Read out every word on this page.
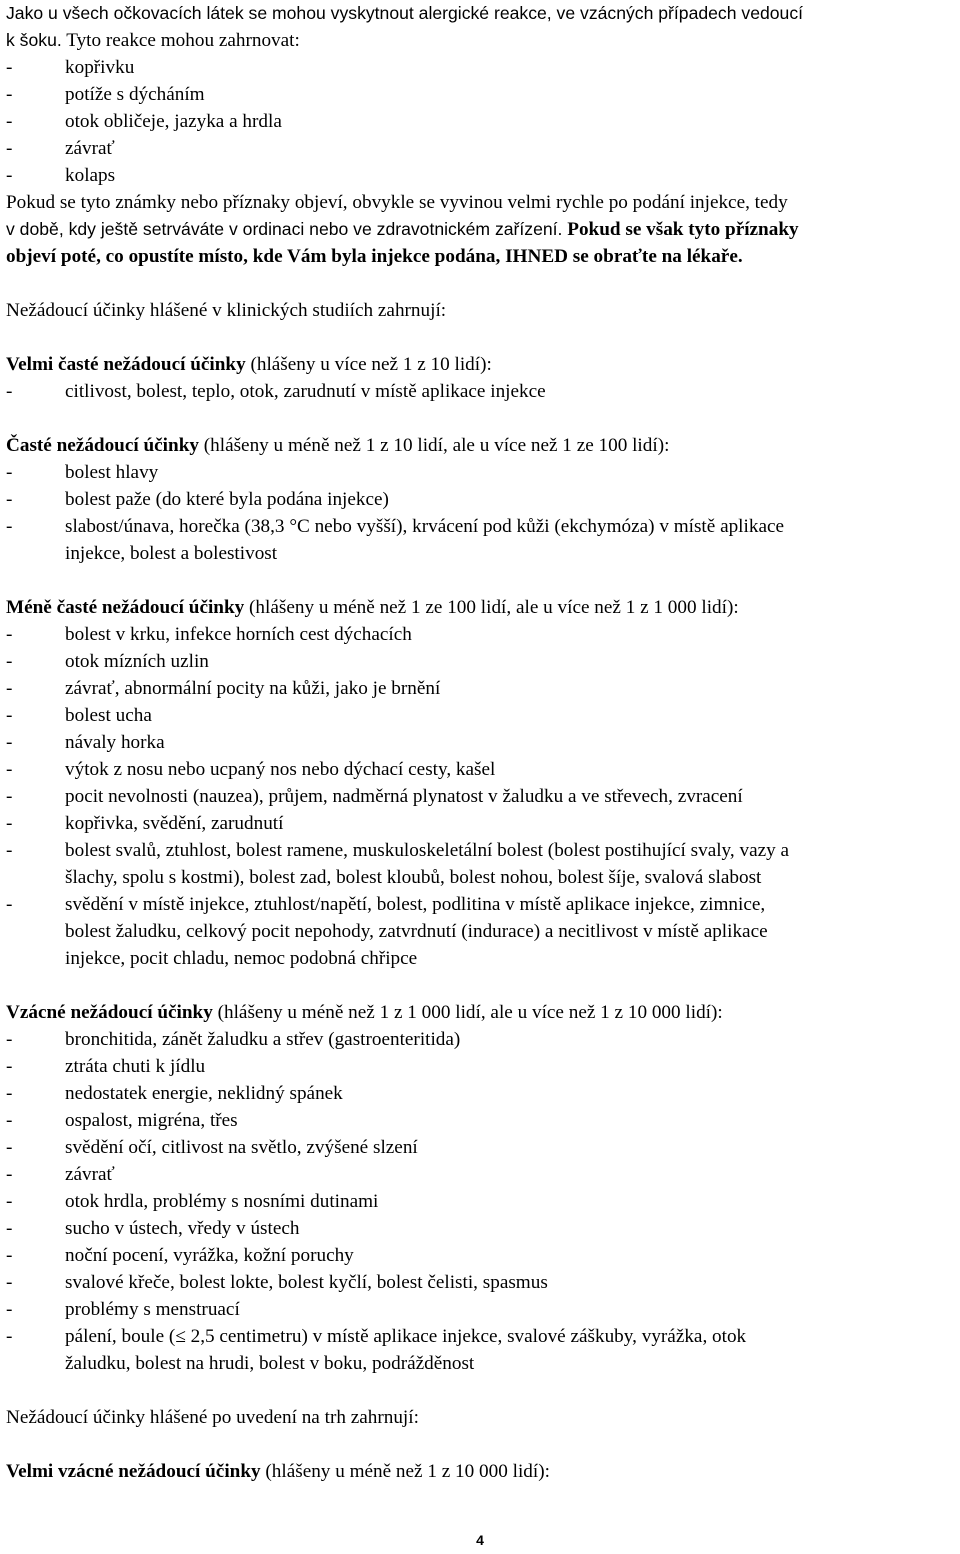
Jako u všech očkovacích látek se mohou vyskytnout alergické reakce, ve vzácných případech vedoucí
k šoku. Tyto reakce mohou zahrnovat:
-	kopřivku
-	potíže s dýcháním
-	otok obličeje, jazyka a hrdla
-	závrať
-	kolaps
Pokud se tyto známky nebo příznaky objeví, obvykle se vyvinou velmi rychle po podání injekce, tedy
v době, kdy ještě setrváváte v ordinaci nebo ve zdravotnickém zařízení. Pokud se však tyto příznaky
objeví poté, co opustíte místo, kde Vám byla injekce podána, IHNED se obraťte na lékaře.
Nežádoucí účinky hlášené v klinických studiích zahrnují:
Velmi časté nežádoucí účinky (hlášeny u více než 1 z 10 lidí):
-	citlivost, bolest, teplo, otok, zarudnutí v místě aplikace injekce
Časté nežádoucí účinky (hlášeny u méně než 1 z 10 lidí, ale u více než 1 ze 100 lidí):
-	bolest hlavy
-	bolest paže (do které byla podána injekce)
-	slabost/únava, horečka (38,3 °C nebo vyšší), krvácení pod kůži (ekchymóza) v místě aplikace
injekce, bolest a bolestivost
Méně časté nežádoucí účinky (hlášeny u méně než 1 ze 100 lidí, ale u více než 1 z 1 000 lidí):
-	bolest v krku, infekce horních cest dýchacích
-	otok mízních uzlin
-	závrať, abnormální pocity na kůži, jako je brnění
-	bolest ucha
-	návaly horka
-	výtok z nosu nebo ucpaný nos nebo dýchací cesty, kašel
-	pocit nevolnosti (nauzea), průjem, nadměrná plynatost v žaludku a ve střevech, zvracení
-	kopřivka, svědění, zarudnutí
-	bolest svalů, ztuhlost, bolest ramene, muskuloskeletální bolest (bolest postihující svaly, vazy a
šlachy, spolu s kostmi), bolest zad, bolest kloubů, bolest nohou, bolest šíje, svalová slabost
-	svědění v místě injekce, ztuhlost/napětí, bolest, podlitina v místě aplikace injekce, zimnice,
bolest žaludku, celkový pocit nepohody, zatvrdnutí (indurace) a necitlivost v místě aplikace
injekce, pocit chladu, nemoc podobná chřipce
Vzácné nežádoucí účinky (hlášeny u méně než 1 z 1 000 lidí, ale u více než 1 z 10 000 lidí):
-	bronchitida, zánět žaludku a střev (gastroenteritida)
-	ztráta chuti k jídlu
-	nedostatek energie, neklidný spánek
-	ospalost, migréna, třes
-	svědění očí, citlivost na světlo, zvýšené slzení
-	závrať
-	otok hrdla, problémy s nosními dutinami
-	sucho v ústech, vředy v ústech
-	noční pocení, vyrážka, kožní poruchy
-	svalové křeče, bolest lokte, bolest kyčlí, bolest čelisti, spasmus
-	problémy s menstruací
-	pálení, boule (≤ 2,5 centimetru) v místě aplikace injekce, svalové záškuby, vyrážka, otok
žaludku, bolest na hrudi, bolest v boku, podrážděnost
Nežádoucí účinky hlášené po uvedení na trh zahrnují:
Velmi vzácné nežádoucí účinky (hlášeny u méně než 1 z 10 000 lidí):
4
